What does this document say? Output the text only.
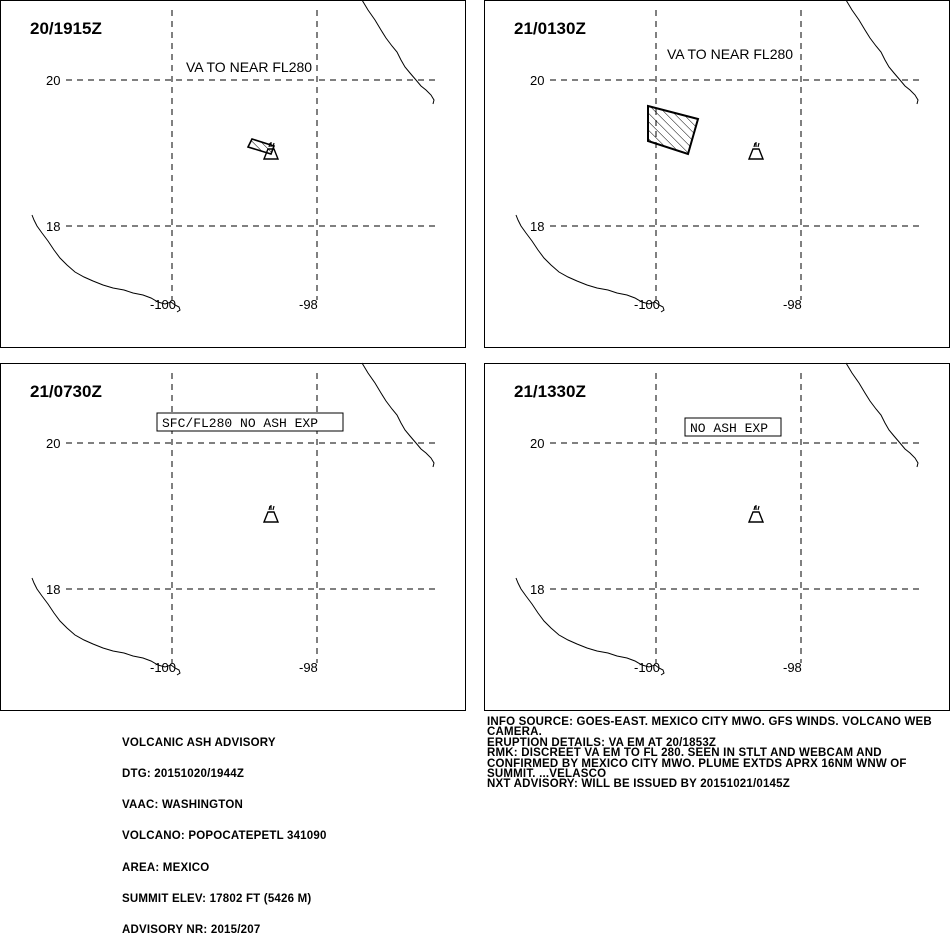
20/1915Z
20
18
-100	-98
VA TO NEAR FL280
21/0130Z
20
18
-100	-98
VA TO NEAR FL280
21/0730Z
20
18
-100	-98
SFC/FL280 NO ASH EXP
21/1330Z
20
18
-100	-98
NO ASH EXP

VOLCANIC ASH ADVISORY

DTG: 20151020/1944Z

VAAC: WASHINGTON

VOLCANO: POPOCATEPETL 341090

AREA: MEXICO

SUMMIT ELEV: 17802 FT (5426 M)

ADVISORY NR: 2015/207

INFO SOURCE: GOES-EAST. MEXICO CITY MWO. GFS WINDS. VOLCANO WEB CAMERA.
ERUPTION DETAILS: VA EM AT 20/1853Z
RMK: DISCREET VA EM TO FL 280. SEEN IN STLT AND WEBCAM AND CONFIRMED BY MEXICO CITY MWO. PLUME EXTDS APRX 16NM WNW OF SUMMIT. ...VELASCO
NXT ADVISORY: WILL BE ISSUED BY 20151021/0145Z
